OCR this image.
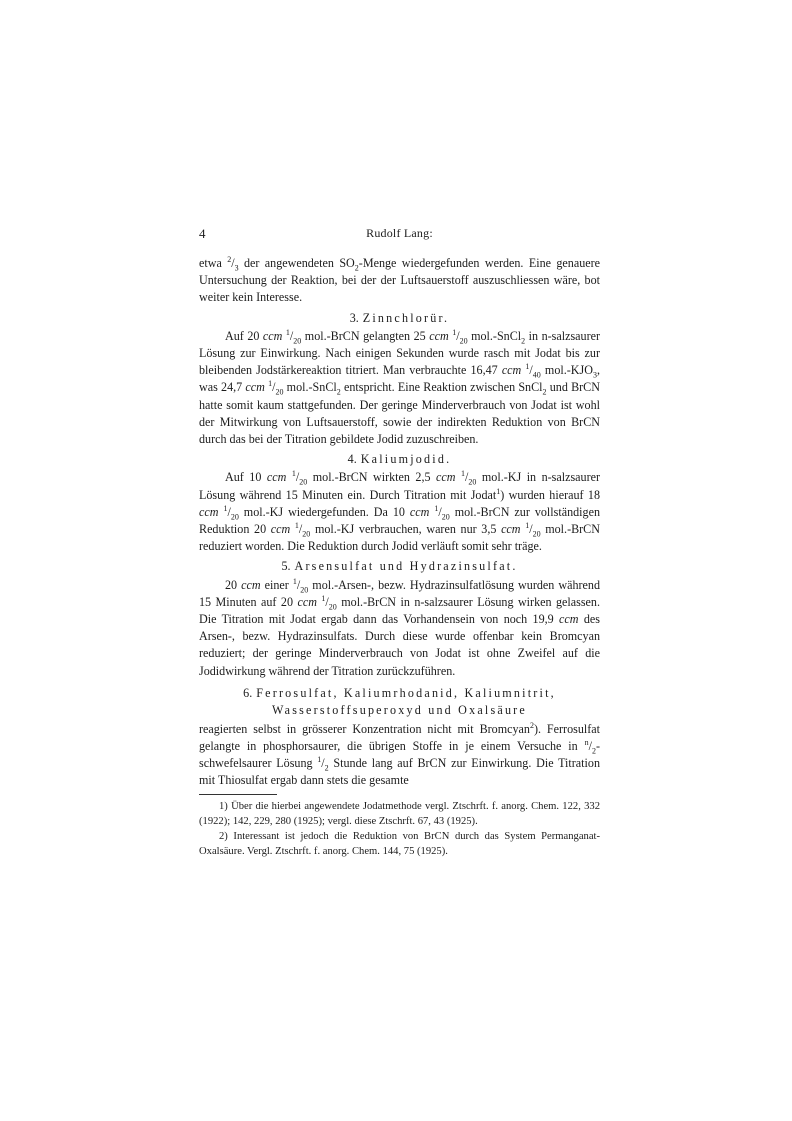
4	Rudolf Lang:

etwa $^2/_3$ der angewendeten $SO_2$-Menge wiedergefunden werden. Eine genauere Untersuchung der Reaktion, bei der der Luftsauerstoff auszuschliessen wäre, bot weiter kein Interesse.

3. Zinnchlorür.

Auf 20 ccm $^1/_{20}$ mol.-BrCN gelangten 25 ccm $^1/_{20}$ mol.-SnCl$_2$ in n-salzsaurer Lösung zur Einwirkung. Nach einigen Sekunden wurde rasch mit Jodat bis zur bleibenden Jodstärkereaktion titriert. Man verbrauchte 16,47 ccm $^1/_{40}$ $mol.-KJO_3$, was 24,7 ccm $^1/_{20}$ mol.-SnCl$_2$ entspricht. Eine Reaktion zwischen SnCl$_2$ und BrCN hatte somit kaum stattgefunden. Der geringe Minderverbrauch von Jodat ist wohl der Mitwirkung von Luftsauerstoff, sowie der indirekten Reduktion von BrCN durch das bei der Titration gebildete Jodid zuzuschreiben.

4. Kaliumjodid.

Auf 10 ccm $^1/_{20}$ mol.-BrCN wirkten 2,5 ccm $^1/_{20}$ mol.-KJ in n-salzsaurer Lösung während 15 Minuten ein. Durch Titration mit Jodat$^1$) wurden hierauf 18 ccm $^1/_{20}$ mol.-KJ wiedergefunden. Da 10 ccm $^1/_{20}$ mol.-BrCN zur vollständigen Reduktion 20 ccm $^1/_{20}$ mol.-KJ verbrauchen, waren nur 3,5 ccm $^1/_{20}$ mol.-BrCN reduziert worden. Die Reduktion durch Jodid verläuft somit sehr träge.

5. Arsensulfat und Hydrazinsulfat.

20 ccm einer $^1/_{20}$ mol.-Arsen-, bezw. Hydrazinsulfatlösung wurden während 15 Minuten auf 20 ccm $^1/_{20}$ mol.-BrCN in n-salzsaurer Lösung wirken gelassen. Die Titration mit Jodat ergab dann das Vorhandensein von noch 19,9 ccm des Arsen-, bezw. Hydrazinsulfats. Durch diese wurde offenbar kein Bromcyan reduziert; der geringe Minderverbrauch von Jodat ist ohne Zweifel auf die Jodidwirkung während der Titration zurückzuführen.

6. Ferrosulfat, Kaliumrhodanid, Kaliumnitrit,
Wasserstoffsuperoxyd und Oxalsäure

reagierten selbst in grösserer Konzentration nicht mit Bromcyan$^2$). Ferrosulfat gelangte in phosphorsaurer, die übrigen Stoffe in je einem Versuche in $^n/_2$-schwefelsaurer Lösung $^1/_2$ Stunde lang auf BrCN zur Einwirkung. Die Titration mit Thiosulfat ergab dann stets die gesamte

1) Über die hierbei angewendete Jodatmethode vergl. Ztschrft. f. anorg. Chem. 122, 332 (1922); 142, 229, 280 (1925); vergl. diese Ztschrft. 67, 43 (1925).

2) Interessant ist jedoch die Reduktion von BrCN durch das System Permanganat-Oxalsäure. Vergl. Ztschrft. f. anorg. Chem. 144, 75 (1925).
